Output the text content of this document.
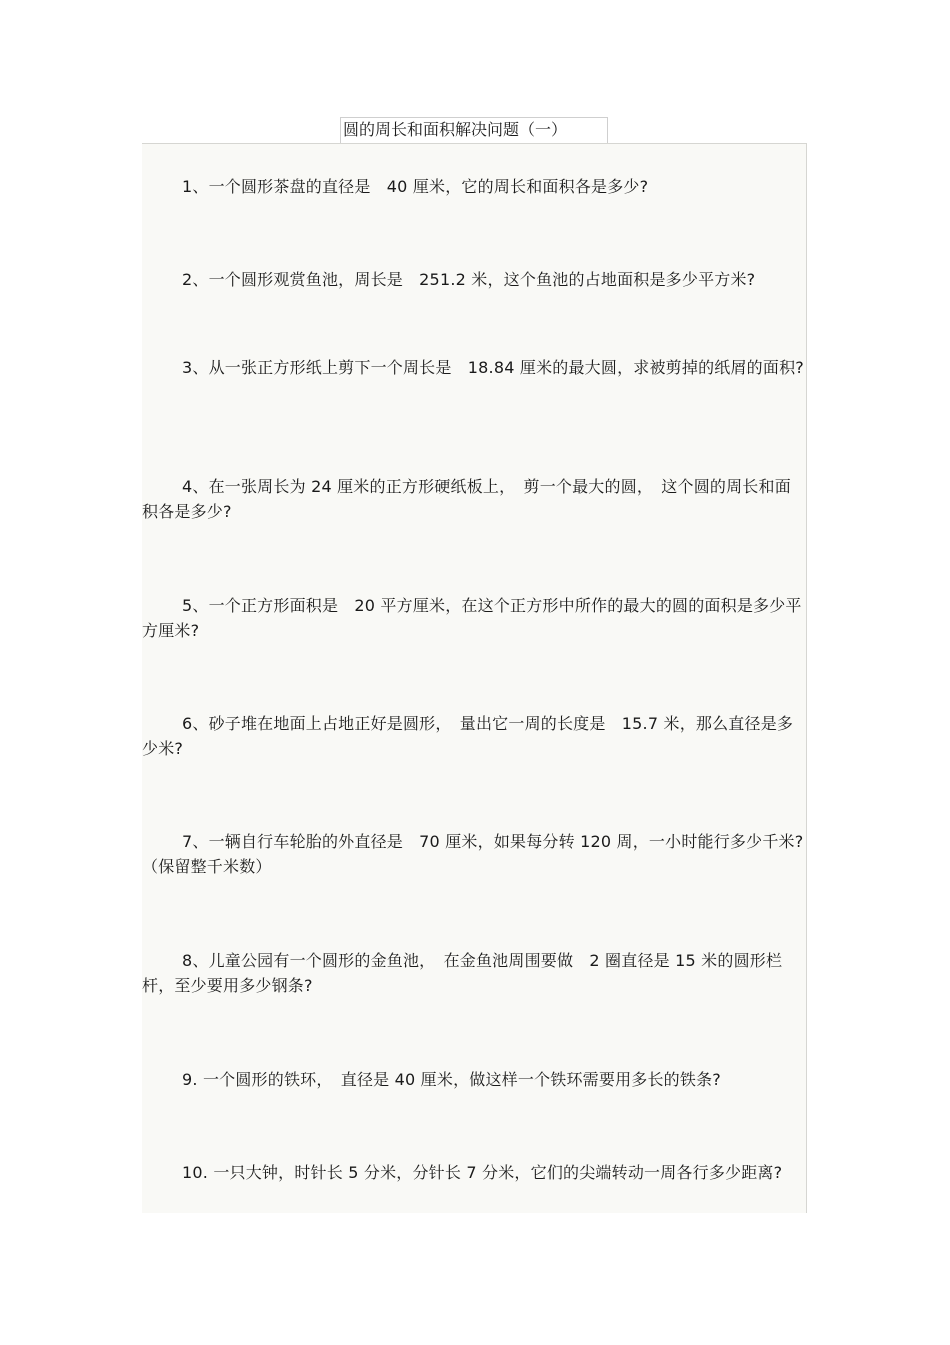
圆的周长和面积解决问题（一）

1、一个圆形茶盘的直径是　40 厘米，它的周长和面积各是多少?

2、一个圆形观赏鱼池，周长是　251.2 米，这个鱼池的占地面积是多少平方米?

3、从一张正方形纸上剪下一个周长是　18.84 厘米的最大圆，求被剪掉的纸屑的面积?

4、在一张周长为 24 厘米的正方形硬纸板上，　剪一个最大的圆，　这个圆的周长和面积各是多少?

5、一个正方形面积是　20 平方厘米，在这个正方形中所作的最大的圆的面积是多少平方厘米?

6、砂子堆在地面上占地正好是圆形，　量出它一周的长度是　15.7 米，那么直径是多少米?

7、一辆自行车轮胎的外直径是　70 厘米，如果每分转 120 周，一小时能行多少千米?（保留整千米数）

8、儿童公园有一个圆形的金鱼池，　在金鱼池周围要做　2 圈直径是 15 米的圆形栏杆，至少要用多少钢条?

9. 一个圆形的铁环，　直径是 40 厘米，做这样一个铁环需要用多长的铁条?

10. 一只大钟，时针长 5 分米，分针长 7 分米，它们的尖端转动一周各行多少距离?
